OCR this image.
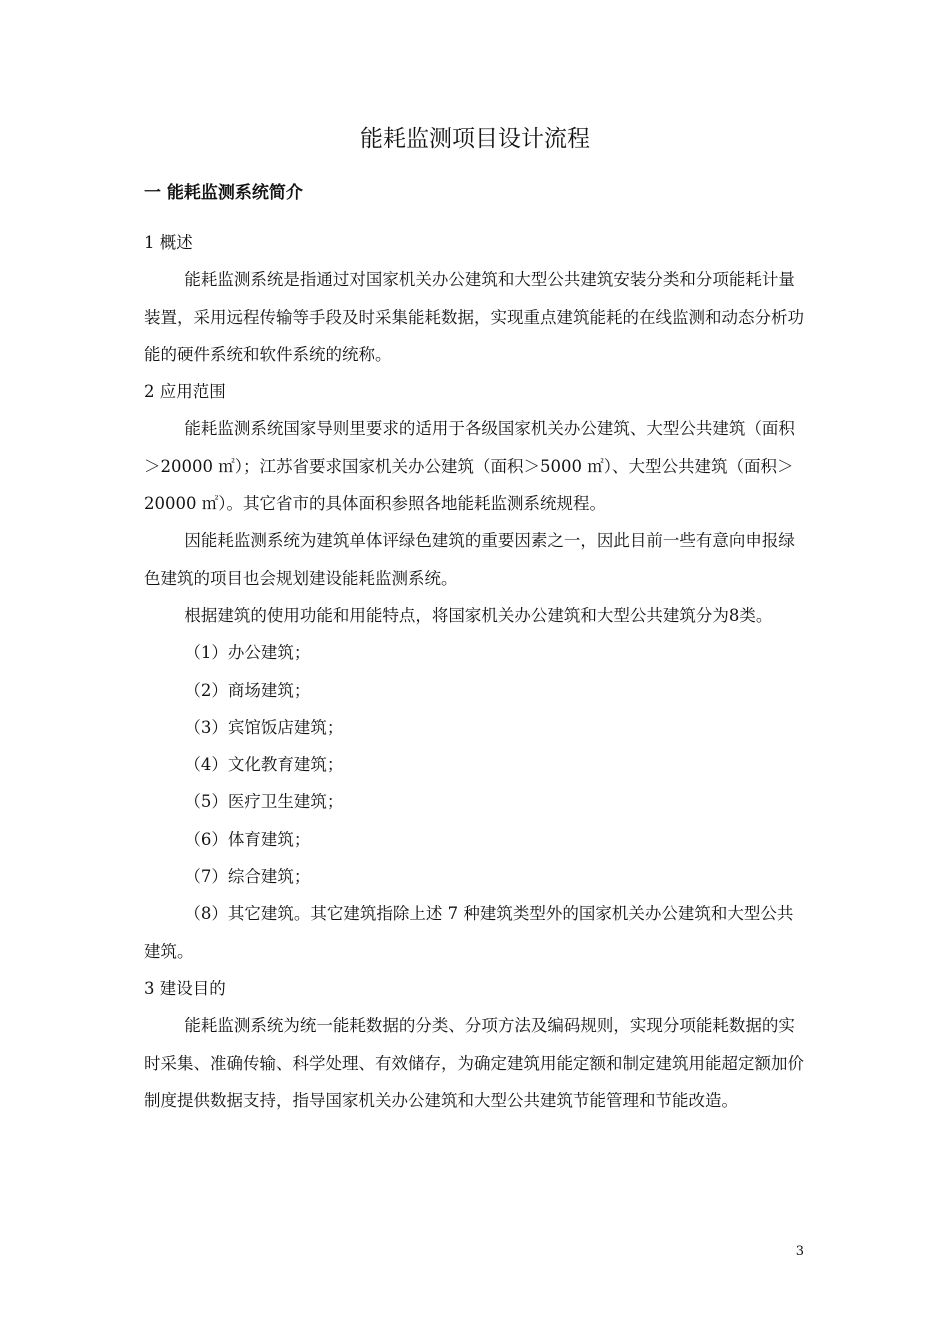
能耗监测项目设计流程
一 能耗监测系统简介

1 概述

能耗监测系统是指通过对国家机关办公建筑和大型公共建筑安装分类和分项能耗计量装置，采用远程传输等手段及时采集能耗数据，实现重点建筑能耗的在线监测和动态分析功能的硬件系统和软件系统的统称。

2 应用范围

能耗监测系统国家导则里要求的适用于各级国家机关办公建筑、大型公共建筑（面积＞20000 ㎡）；江苏省要求国家机关办公建筑（面积＞5000 ㎡）、大型公共建筑（面积＞20000 ㎡）。其它省市的具体面积参照各地能耗监测系统规程。

因能耗监测系统为建筑单体评绿色建筑的重要因素之一，因此目前一些有意向申报绿色建筑的项目也会规划建设能耗监测系统。

根据建筑的使用功能和用能特点，将国家机关办公建筑和大型公共建筑分为8类。

（1）办公建筑；

（2）商场建筑；

（3）宾馆饭店建筑；

（4）文化教育建筑；

（5）医疗卫生建筑；

（6）体育建筑；

（7）综合建筑；

（8）其它建筑。其它建筑指除上述 7 种建筑类型外的国家机关办公建筑和大型公共建筑。

3 建设目的

能耗监测系统为统一能耗数据的分类、分项方法及编码规则，实现分项能耗数据的实时采集、准确传输、科学处理、有效储存，为确定建筑用能定额和制定建筑用能超定额加价制度提供数据支持，指导国家机关办公建筑和大型公共建筑节能管理和节能改造。

3
